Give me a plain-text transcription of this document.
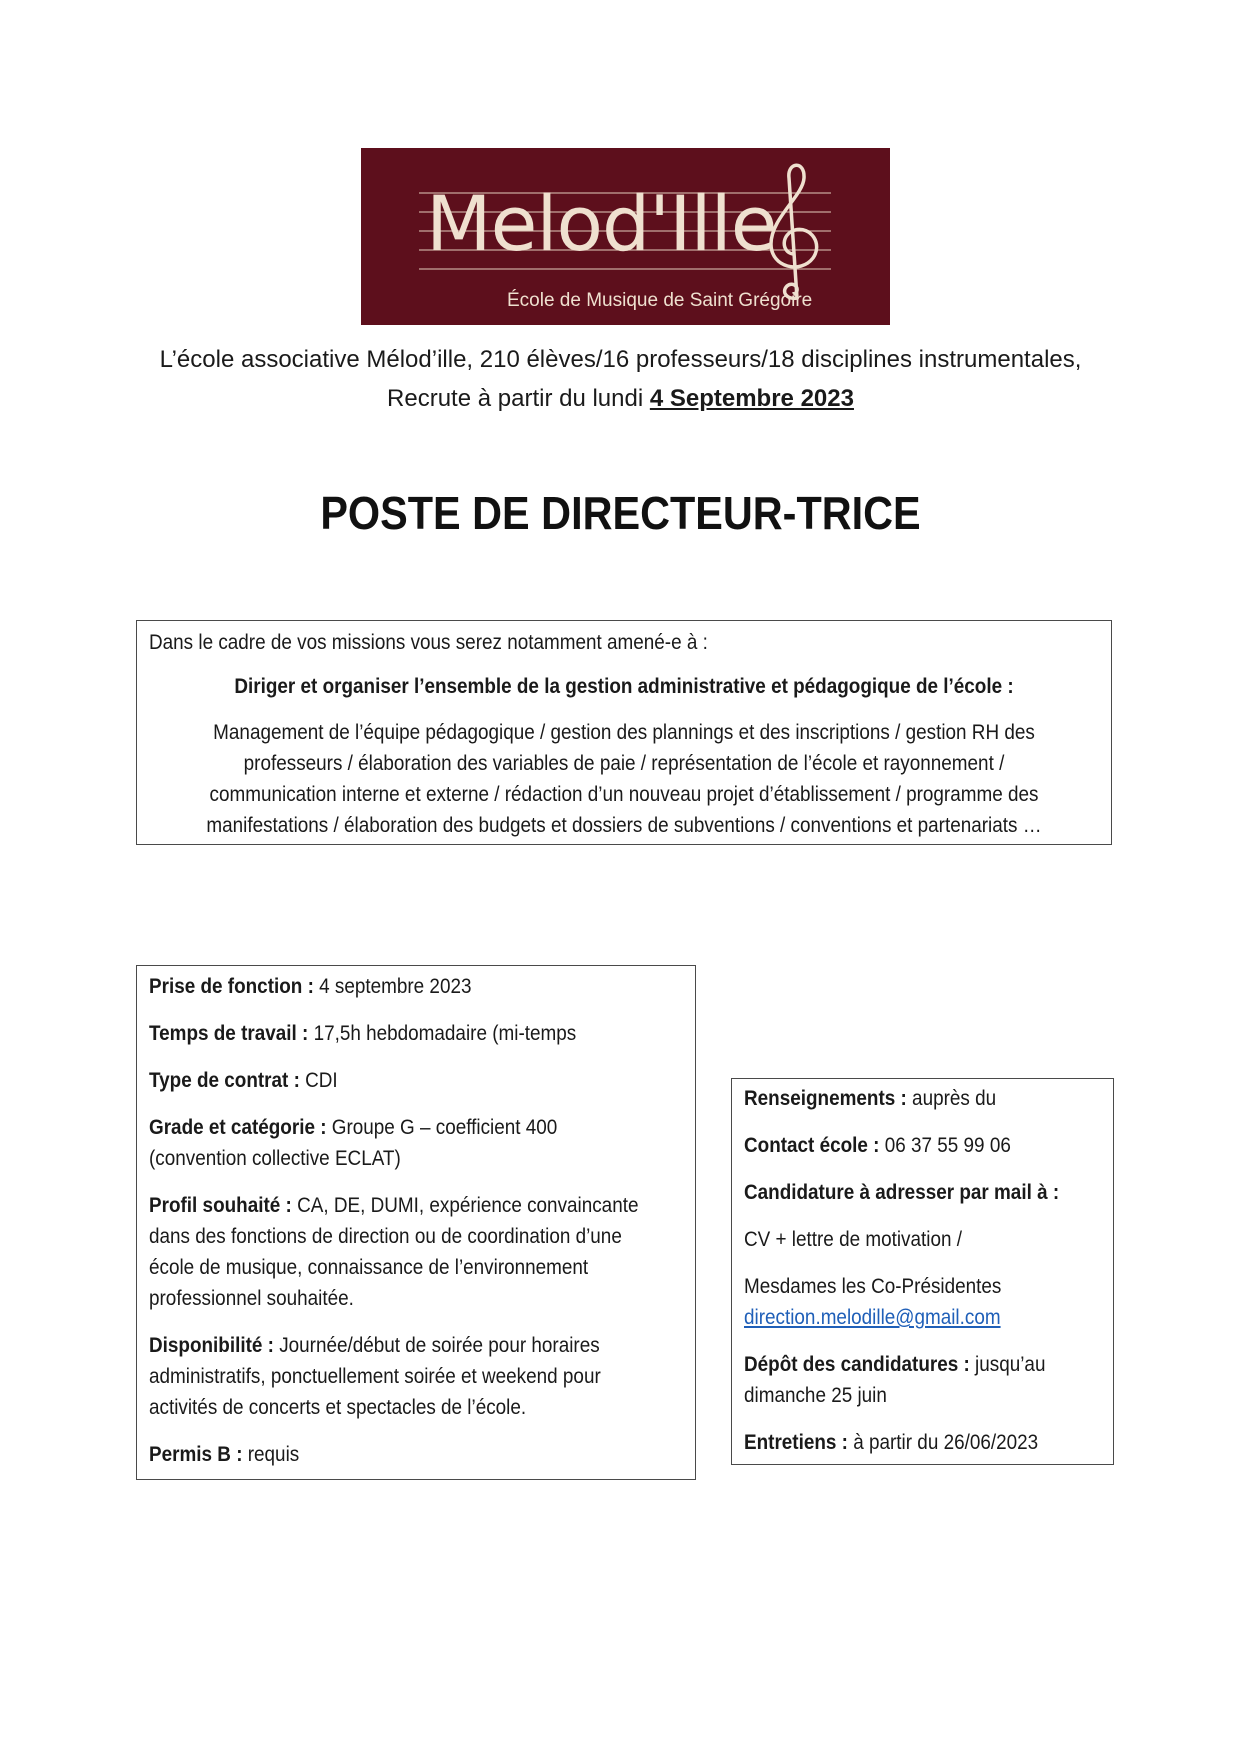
Melod'Ille
École de Musique de Saint Grégoire
L’école associative Mélod’ille, 210 élèves/16 professeurs/18 disciplines instrumentales,
Recrute à partir du lundi 4 Septembre 2023
POSTE DE DIRECTEUR-TRICE
Dans le cadre de vos missions vous serez notamment amené-e à :
Diriger et organiser l’ensemble de la gestion administrative et pédagogique de l’école :
Management de l’équipe pédagogique / gestion des plannings et des inscriptions / gestion RH des
professeurs / élaboration des variables de paie / représentation de l’école et rayonnement /
communication interne et externe / rédaction d’un nouveau projet d’établissement / programme des
manifestations / élaboration des budgets et dossiers de subventions / conventions et partenariats …
Prise de fonction : 4 septembre 2023
Temps de travail : 17,5h hebdomadaire (mi-temps
Type de contrat : CDI
Grade et catégorie : Groupe G – coefficient 400
(convention collective ECLAT)
Profil souhaité : CA, DE, DUMI, expérience convaincante
dans des fonctions de direction ou de coordination d’une
école de musique, connaissance de l’environnement
professionnel souhaitée.
Disponibilité : Journée/début de soirée pour horaires
administratifs, ponctuellement soirée et weekend pour
activités de concerts et spectacles de l’école.
Permis B : requis
Renseignements : auprès du
Contact école : 06 37 55 99 06
Candidature à adresser par mail à :
CV + lettre de motivation /
Mesdames les Co-Présidentes
direction.melodille@gmail.com
Dépôt des candidatures : jusqu’au
dimanche 25 juin
Entretiens : à partir du 26/06/2023
